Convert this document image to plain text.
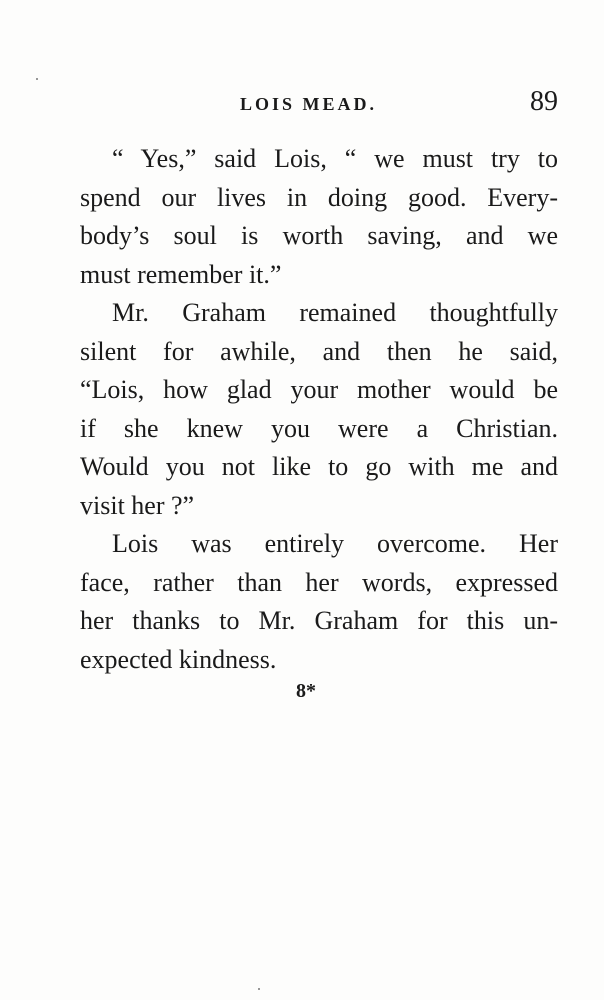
LOIS MEAD.	89
“ Yes,” said Lois, “ we must try to
spend our lives in doing good. Every-
body’s soul is worth saving, and we
must remember it.”
Mr. Graham remained thoughtfully
silent for awhile, and then he said,
“Lois, how glad your mother would be
if she knew you were a Christian.
Would you not like to go with me and
visit her ?”
Lois was entirely overcome. Her
face, rather than her words, expressed
her thanks to Mr. Graham for this un-
expected kindness.
8*
